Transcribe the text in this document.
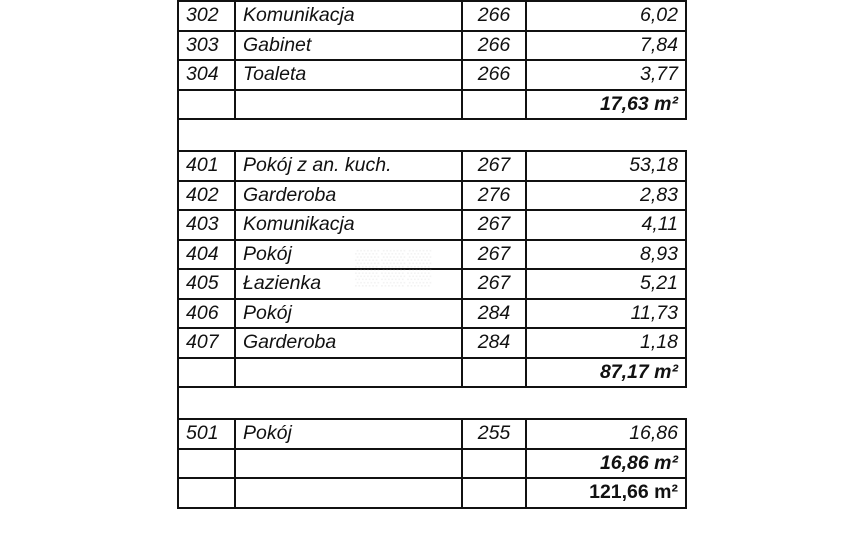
302	Komunikacja	266	6,02
303	Gabinet	266	7,84
304	Toaleta	266	3,77
			17,63 m²

401	Pokój z an. kuch.	267	53,18
402	Garderoba	276	2,83
403	Komunikacja	267	4,11
404	Pokój	267	8,93
405	Łazienka	267	5,21
406	Pokój	284	11,73
407	Garderoba	284	1,18
			87,17 m²

501	Pokój	255	16,86
			16,86 m²
			121,66 m²
▒▒▒
